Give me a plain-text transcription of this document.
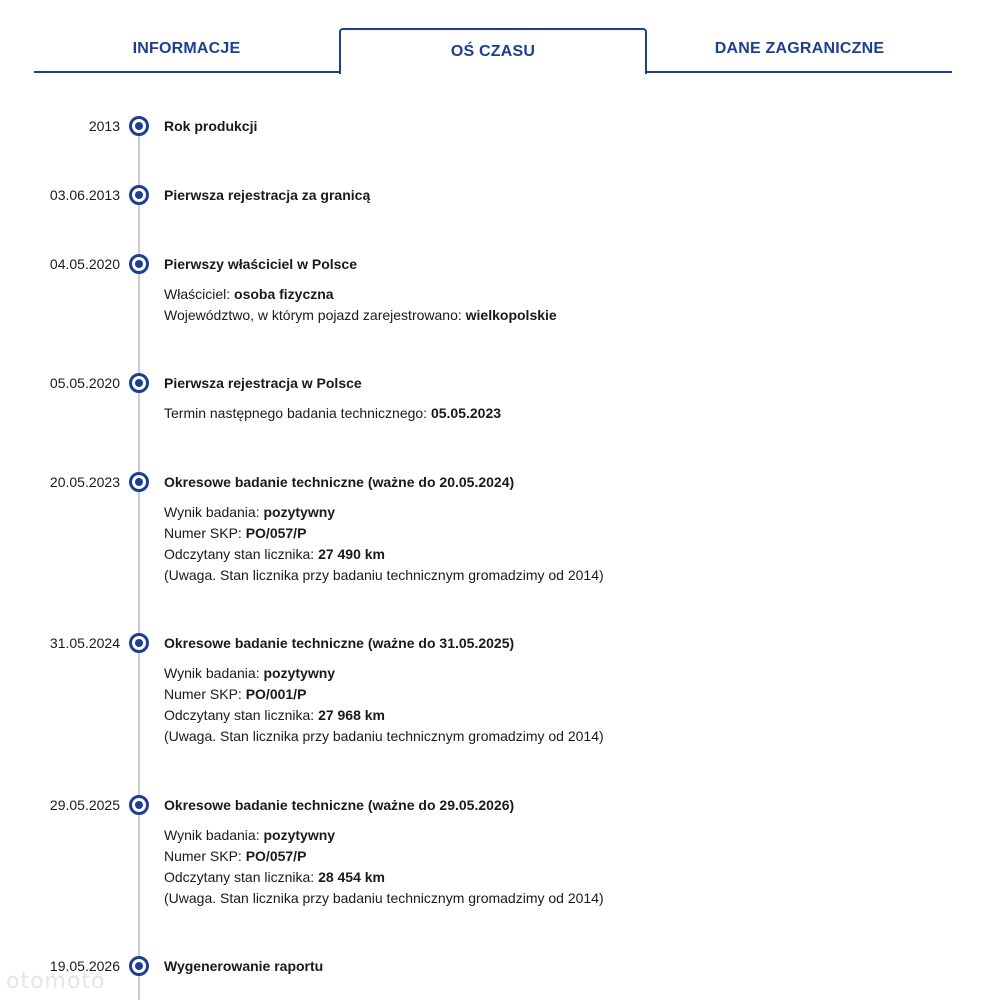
INFORMACJE	OŚ CZASU	DANE ZAGRANICZNE
2013	Rok produkcji
03.06.2013	Pierwsza rejestracja za granicą
04.05.2020	Pierwszy właściciel w Polsce
Właściciel: osoba fizyczna
Województwo, w którym pojazd zarejestrowano: wielkopolskie
05.05.2020	Pierwsza rejestracja w Polsce
Termin następnego badania technicznego: 05.05.2023
20.05.2023	Okresowe badanie techniczne (ważne do 20.05.2024)
Wynik badania: pozytywny
Numer SKP: PO/057/P
Odczytany stan licznika: 27 490 km
(Uwaga. Stan licznika przy badaniu technicznym gromadzimy od 2014)
31.05.2024	Okresowe badanie techniczne (ważne do 31.05.2025)
Wynik badania: pozytywny
Numer SKP: PO/001/P
Odczytany stan licznika: 27 968 km
(Uwaga. Stan licznika przy badaniu technicznym gromadzimy od 2014)
29.05.2025	Okresowe badanie techniczne (ważne do 29.05.2026)
Wynik badania: pozytywny
Numer SKP: PO/057/P
Odczytany stan licznika: 28 454 km
(Uwaga. Stan licznika przy badaniu technicznym gromadzimy od 2014)
19.05.2026	Wygenerowanie raportu
otomoto
